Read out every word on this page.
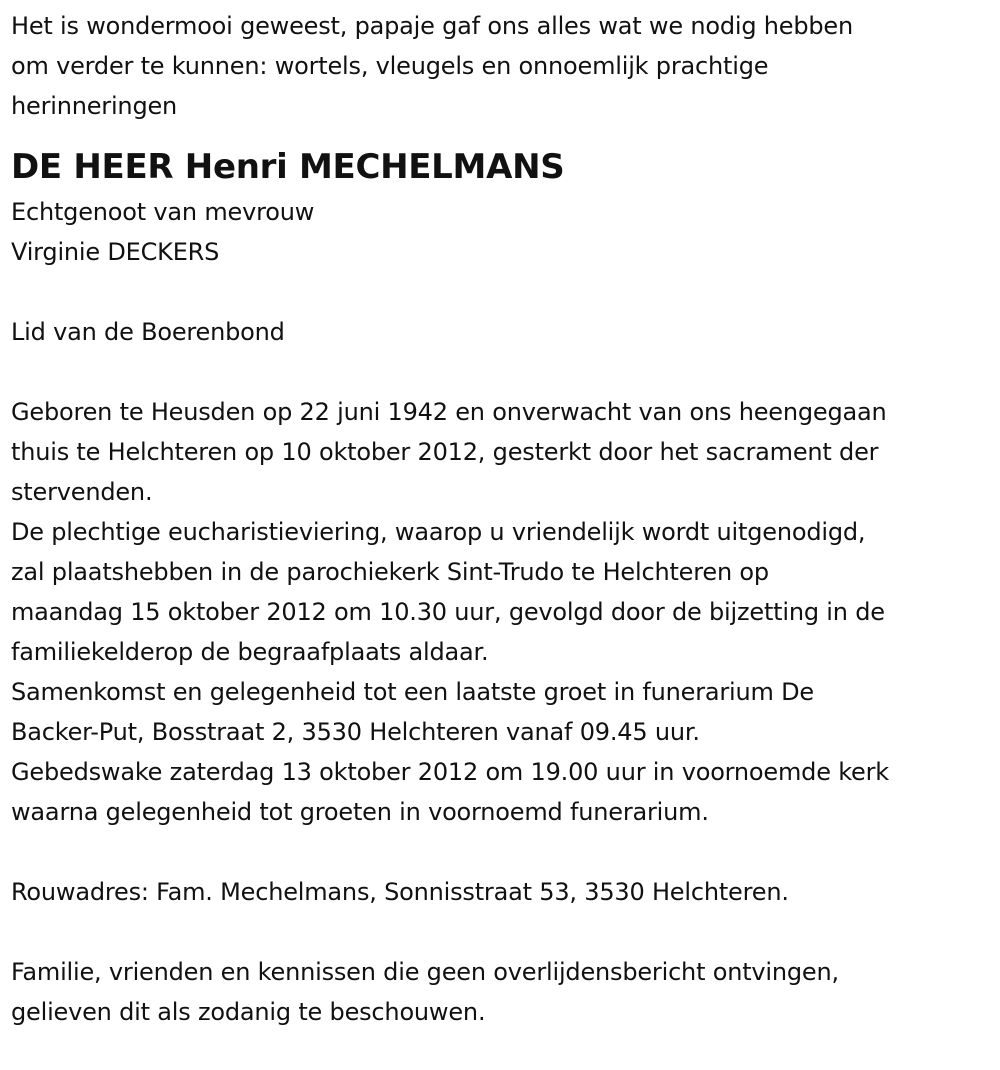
Het is wondermooi geweest, papaje gaf ons alles wat we nodig hebben
om verder te kunnen: wortels, vleugels en onnoemlijk prachtige
herinneringen
DE HEER Henri MECHELMANS
Echtgenoot van mevrouw
Virginie DECKERS
Lid van de Boerenbond
Geboren te Heusden op 22 juni 1942 en onverwacht van ons heengegaan
thuis te Helchteren op 10 oktober 2012, gesterkt door het sacrament der
stervenden.
De plechtige eucharistieviering, waarop u vriendelijk wordt uitgenodigd,
zal plaatshebben in de parochiekerk Sint-Trudo te Helchteren op
maandag 15 oktober 2012 om 10.30 uur, gevolgd door de bijzetting in de
familiekelderop de begraafplaats aldaar.
Samenkomst en gelegenheid tot een laatste groet in funerarium De
Backer-Put, Bosstraat 2, 3530 Helchteren vanaf 09.45 uur.
Gebedswake zaterdag 13 oktober 2012 om 19.00 uur in voornoemde kerk
waarna gelegenheid tot groeten in voornoemd funerarium.
Rouwadres: Fam. Mechelmans, Sonnisstraat 53, 3530 Helchteren.
Familie, vrienden en kennissen die geen overlijdensbericht ontvingen,
gelieven dit als zodanig te beschouwen.
